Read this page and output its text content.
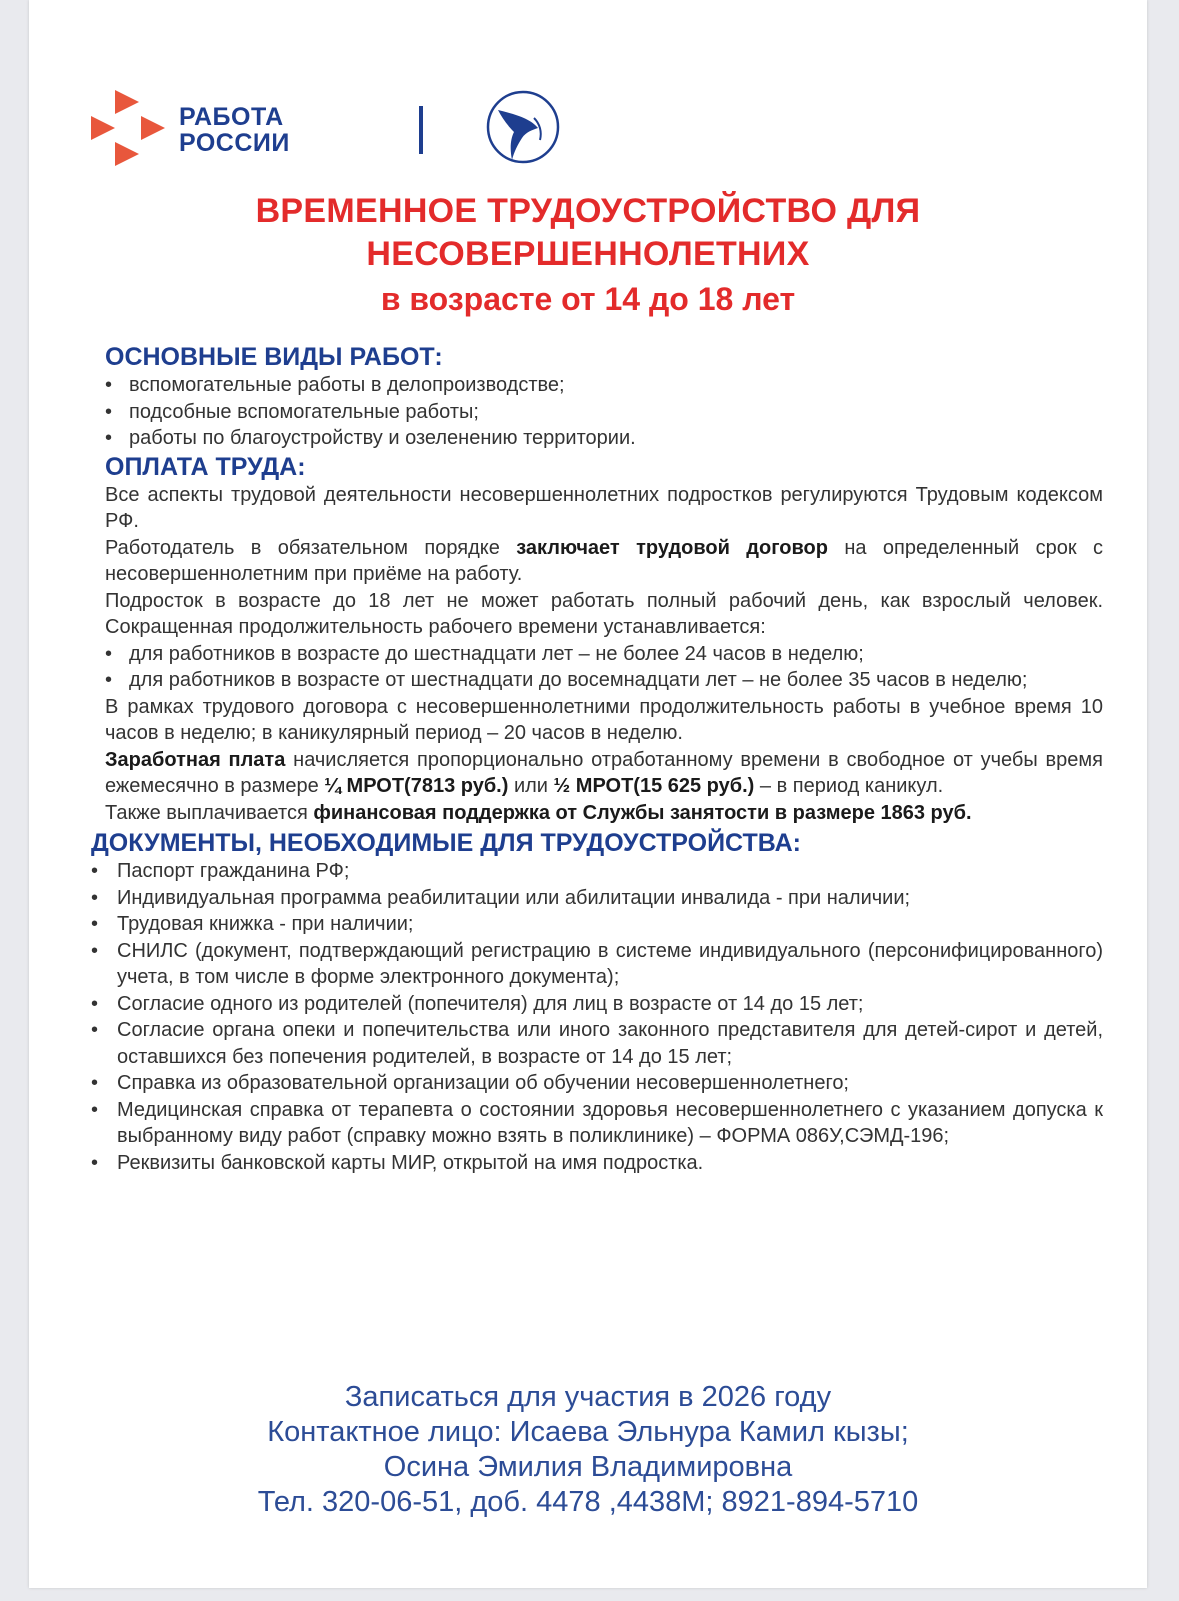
РАБОТА
РОССИИ
ВРЕМЕННОЕ ТРУДОУСТРОЙСТВО ДЛЯ
НЕСОВЕРШЕННОЛЕТНИХ
в возрасте от 14 до 18 лет
ОСНОВНЫЕ ВИДЫ РАБОТ:
• вспомогательные работы в делопроизводстве;
• подсобные вспомогательные работы;
• работы по благоустройству и озеленению территории.
ОПЛАТА ТРУДА:

Все аспекты трудовой деятельности несовершеннолетних подростков регулируются Трудовым кодексом РФ.

Работодатель в обязательном порядке заключает трудовой договор на определенный срок с несовершеннолетним при приёме на работу.

Подросток в возрасте до 18 лет не может работать полный рабочий день, как взрослый человек. Сокращенная продолжительность рабочего времени устанавливается:

• для работников в возрасте до шестнадцати лет – не более 24 часов в неделю;
• для работников в возрасте от шестнадцати до восемнадцати лет – не более 35 часов в неделю;

В рамках трудового договора с несовершеннолетними продолжительность работы в учебное время 10 часов в неделю; в каникулярный период – 20 часов в неделю.

Заработная плата начисляется пропорционально отработанному времени в свободное от учебы время ежемесячно в размере ¼ МРОТ(7813 руб.) или ½ МРОТ(15 625 руб.) – в период каникул.

Также выплачивается финансовая поддержка от Службы занятости в размере 1863 руб.

ДОКУМЕНТЫ, НЕОБХОДИМЫЕ ДЛЯ ТРУДОУСТРОЙСТВА:
• Паспорт гражданина РФ;
• Индивидуальная программа реабилитации или абилитации инвалида - при наличии;
• Трудовая книжка - при наличии;
• СНИЛС (документ, подтверждающий регистрацию в системе индивидуального (персонифицированного) учета, в том числе в форме электронного документа);
• Согласие одного из родителей (попечителя) для лиц в возрасте от 14 до 15 лет;
• Согласие органа опеки и попечительства или иного законного представителя для детей-сирот и детей, оставшихся без попечения родителей, в возрасте от 14 до 15 лет;
• Справка из образовательной организации об обучении несовершеннолетнего;
• Медицинская справка от терапевта о состоянии здоровья несовершеннолетнего с указанием допуска к выбранному виду работ (справку можно взять в поликлинике) – ФОРМА 086У,СЭМД-196;
• Реквизиты банковской карты МИР, открытой на имя подростка.
Записаться для участия в 2026 году
Контактное лицо: Исаева Эльнура Камил кызы;
Осина Эмилия Владимировна
Тел. 320-06-51, доб. 4478 ,4438М; 8921-894-5710
